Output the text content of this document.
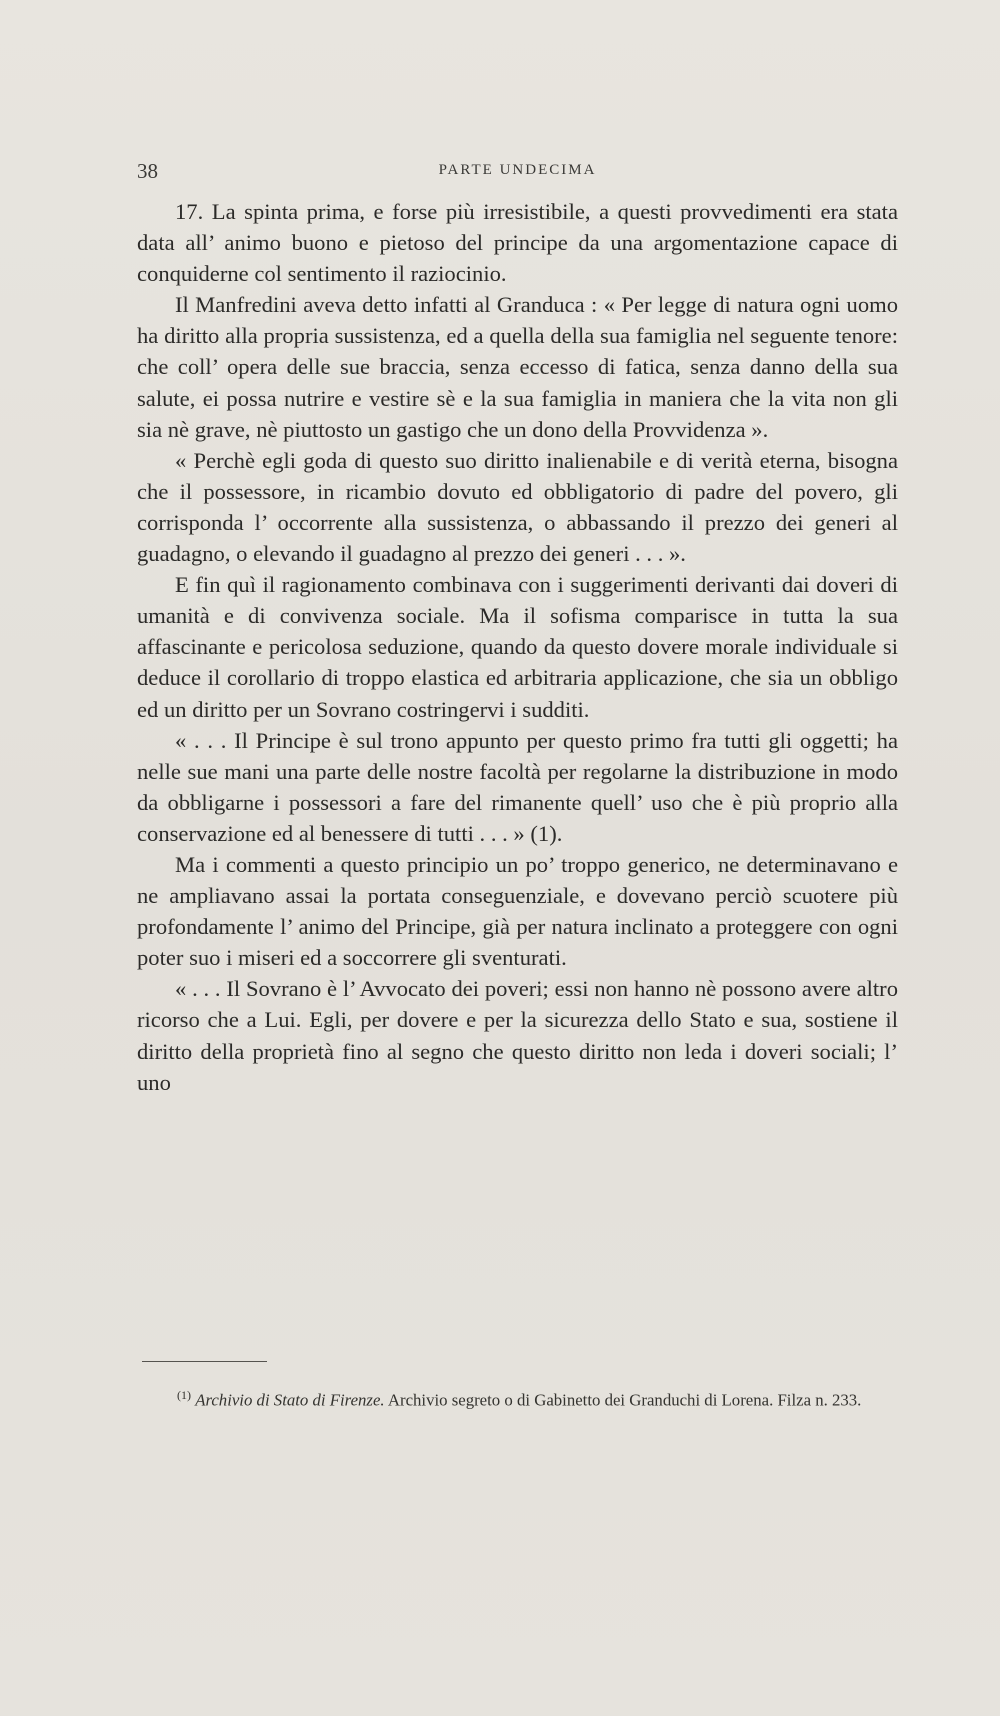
38	PARTE UNDECIMA

17. La spinta prima, e forse più irresistibile, a questi provvedimenti era stata data all’ animo buono e pietoso del principe da una argomentazione capace di conquiderne col sentimento il raziocinio.

Il Manfredini aveva detto infatti al Granduca : « Per legge di natura ogni uomo ha diritto alla propria sussistenza, ed a quella della sua famiglia nel seguente tenore: che coll’ opera delle sue braccia, senza eccesso di fatica, senza danno della sua salute, ei possa nutrire e vestire sè e la sua famiglia in maniera che la vita non gli sia nè grave, nè piuttosto un gastigo che un dono della Provvidenza ».

« Perchè egli goda di questo suo diritto inalienabile e di verità eterna, bisogna che il possessore, in ricambio dovuto ed obbligatorio di padre del povero, gli corrisponda l’ occorrente alla sussistenza, o abbassando il prezzo dei generi al guadagno, o elevando il guadagno al prezzo dei generi . . . ».

E fin quì il ragionamento combinava con i suggerimenti derivanti dai doveri di umanità e di convivenza sociale. Ma il sofisma comparisce in tutta la sua affascinante e pericolosa seduzione, quando da questo dovere morale individuale si deduce il corollario di troppo elastica ed arbitraria applicazione, che sia un obbligo ed un diritto per un Sovrano costringervi i sudditi.

« . . . Il Principe è sul trono appunto per questo primo fra tutti gli oggetti; ha nelle sue mani una parte delle nostre facoltà per regolarne la distribuzione in modo da obbligarne i possessori a fare del rimanente quell’ uso che è più proprio alla conservazione ed al benessere di tutti . . . » (1).

Ma i commenti a questo principio un po’ troppo generico, ne determinavano e ne ampliavano assai la portata conseguenziale, e dovevano perciò scuotere più profondamente l’ animo del Principe, già per natura inclinato a proteggere con ogni poter suo i miseri ed a soccorrere gli sventurati.

« . . . Il Sovrano è l’ Avvocato dei poveri; essi non hanno nè possono avere altro ricorso che a Lui. Egli, per dovere e per la sicurezza dello Stato e sua, sostiene il diritto della proprietà fino al segno che questo diritto non leda i doveri sociali; l’ uno

$^{(1)}$ Archivio di Stato di Firenze. Archivio segreto o di Gabinetto dei Granduchi di Lorena. Filza n. 233.
